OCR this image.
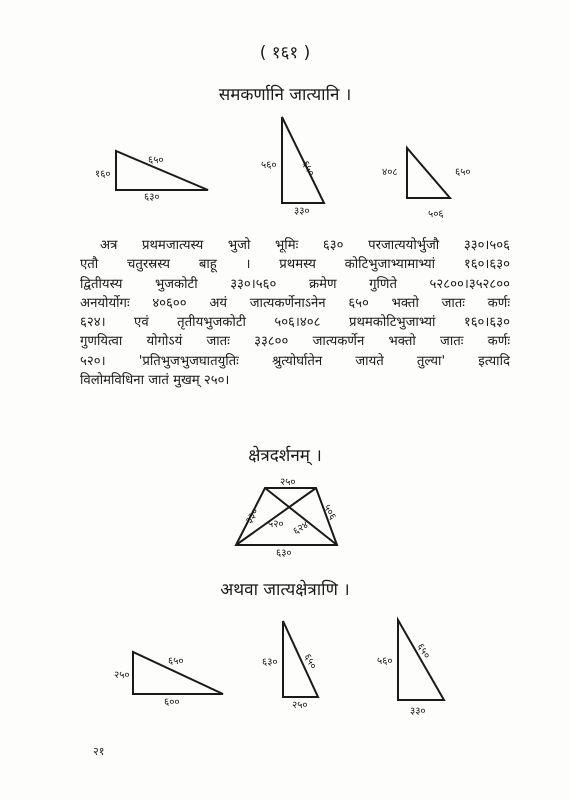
( १६१ )
समकर्णानि जात्यानि ।
१६०
६५०
६३०
५६० ६५०
३३०
४०८	६५०
५०६
अत्र प्रथमजात्यस्य भुजो भूमिः ६३० परजात्ययोर्भुजौ ३३०।५०६
एतौ चतुरस्रस्य बाहू । प्रथमस्य कोटिभुजाभ्यामाभ्यां १६०।६३०
द्वितीयस्य भुजकोटी ३३०।५६० क्रमेण गुणिते ५२८००।३५२८००
अनयोर्योगः ४०६०० अयं जात्यकर्णेनाऽनेन ६५० भक्तो जातः कर्णः
६२४। एवं तृतीयभुजकोटी ५०६।४०८ प्रथमकोटिभुजाभ्यां १६०।६३०
गुणयित्वा योगोऽयं जातः ३३८०० जात्यकर्णेन भक्तो जातः कर्णः
५२०। 'प्रतिभुजभुजघातयुतिः श्रुत्योर्घातेन जायते तुल्या' इत्यादि
विलोमविधिना जातं मुखम् २५०।
क्षेत्रदर्शनम् ।
२५०
३३०	५०६
५२० ६२४
६३०
अथवा जात्यक्षेत्राणि ।
२५०
६५०
६००
६३० ६५०
२५०
५६०
६५०
३३०
२१
